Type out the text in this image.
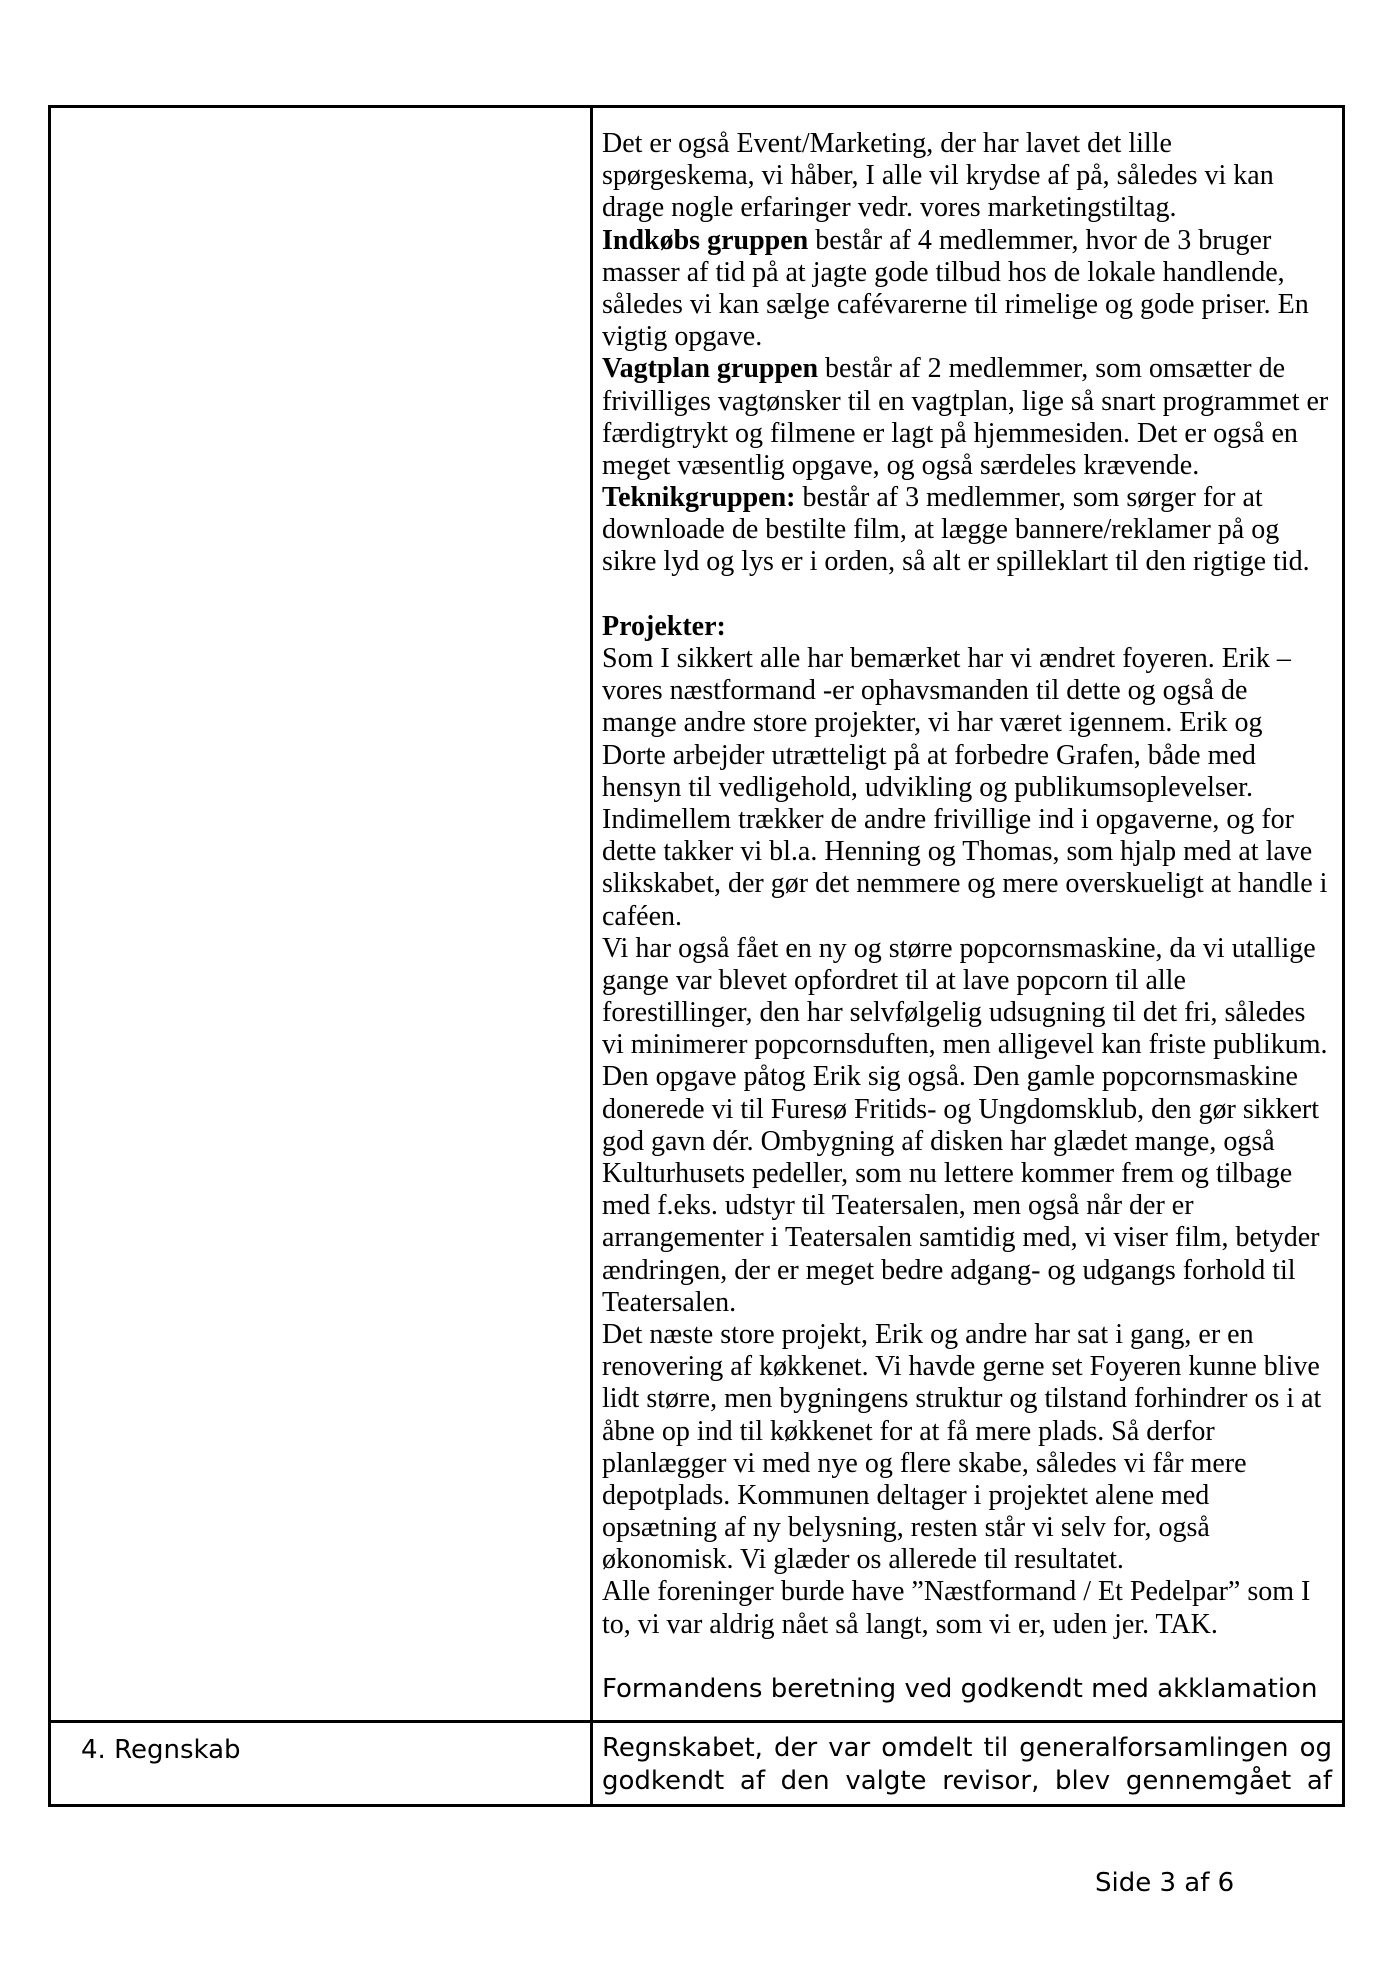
Det er også Event/Marketing, der har lavet det lille
spørgeskema, vi håber, I alle vil krydse af på, således vi kan
drage nogle erfaringer vedr. vores marketingstiltag.
Indkøbs gruppen består af 4 medlemmer, hvor de 3 bruger
masser af tid på at jagte gode tilbud hos de lokale handlende,
således vi kan sælge cafévarerne til rimelige og gode priser. En
vigtig opgave.
Vagtplan gruppen består af 2 medlemmer, som omsætter de
frivilliges vagtønsker til en vagtplan, lige så snart programmet er
færdigtrykt og filmene er lagt på hjemmesiden. Det er også en
meget væsentlig opgave, og også særdeles krævende.
Teknikgruppen: består af 3 medlemmer, som sørger for at
downloade de bestilte film, at lægge bannere/reklamer på og
sikre lyd og lys er i orden, så alt er spilleklart til den rigtige tid.

Projekter:
Som I sikkert alle har bemærket har vi ændret foyeren. Erik –
vores næstformand -er ophavsmanden til dette og også de
mange andre store projekter, vi har været igennem. Erik og
Dorte arbejder utrætteligt på at forbedre Grafen, både med
hensyn til vedligehold, udvikling og publikumsoplevelser.
Indimellem trækker de andre frivillige ind i opgaverne, og for
dette takker vi bl.a. Henning og Thomas, som hjalp med at lave
slikskabet, der gør det nemmere og mere overskueligt at handle i
caféen.
Vi har også fået en ny og større popcornsmaskine, da vi utallige
gange var blevet opfordret til at lave popcorn til alle
forestillinger, den har selvfølgelig udsugning til det fri, således
vi minimerer popcornsduften, men alligevel kan friste publikum.
Den opgave påtog Erik sig også. Den gamle popcornsmaskine
donerede vi til Furesø Fritids- og Ungdomsklub, den gør sikkert
god gavn dér. Ombygning af disken har glædet mange, også
Kulturhusets pedeller, som nu lettere kommer frem og tilbage
med f.eks. udstyr til Teatersalen, men også når der er
arrangementer i Teatersalen samtidig med, vi viser film, betyder
ændringen, der er meget bedre adgang- og udgangs forhold til
Teatersalen.
Det næste store projekt, Erik og andre har sat i gang, er en
renovering af køkkenet. Vi havde gerne set Foyeren kunne blive
lidt større, men bygningens struktur og tilstand forhindrer os i at
åbne op ind til køkkenet for at få mere plads. Så derfor
planlægger vi med nye og flere skabe, således vi får mere
depotplads. Kommunen deltager i projektet alene med
opsætning af ny belysning, resten står vi selv for, også
økonomisk. Vi glæder os allerede til resultatet.
Alle foreninger burde have ”Næstformand / Et Pedelpar” som I
to, vi var aldrig nået så langt, som vi er, uden jer. TAK.
Formandens beretning ved godkendt med akklamation
4. Regnskab	Regnskabet, der var omdelt til generalforsamlingen og
godkendt af den valgte revisor, blev gennemgået af
Side 3 af 6
